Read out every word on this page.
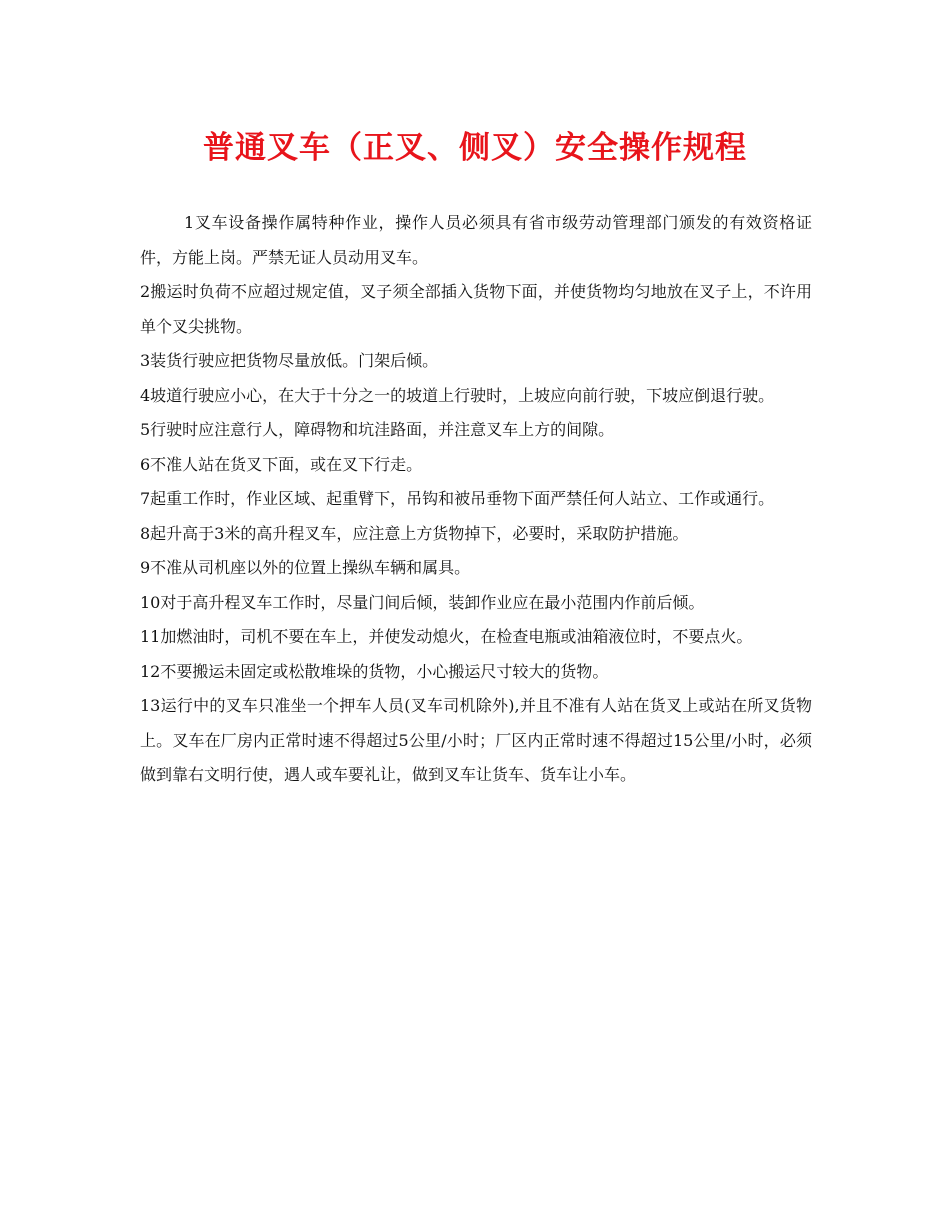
普通叉车（正叉、侧叉）安全操作规程

1叉车设备操作属特种作业，操作人员必须具有省市级劳动管理部门颁发的有效资格证件，方能上岗。严禁无证人员动用叉车。

2搬运时负荷不应超过规定值，叉子须全部插入货物下面，并使货物均匀地放在叉子上，不许用单个叉尖挑物。

3装货行驶应把货物尽量放低。门架后倾。

4坡道行驶应小心，在大于十分之一的坡道上行驶时，上坡应向前行驶，下坡应倒退行驶。

5行驶时应注意行人，障碍物和坑洼路面，并注意叉车上方的间隙。

6不准人站在货叉下面，或在叉下行走。

7起重工作时，作业区域、起重臂下，吊钩和被吊垂物下面严禁任何人站立、工作或通行。

8起升高于3米的高升程叉车，应注意上方货物掉下，必要时，采取防护措施。

9不准从司机座以外的位置上操纵车辆和属具。

10对于高升程叉车工作时，尽量门间后倾，装卸作业应在最小范围内作前后倾。

11加燃油时，司机不要在车上，并使发动熄火，在检查电瓶或油箱液位时，不要点火。

12不要搬运未固定或松散堆垛的货物，小心搬运尺寸较大的货物。

13运行中的叉车只准坐一个押车人员(叉车司机除外),并且不准有人站在货叉上或站在所叉货物上。叉车在厂房内正常时速不得超过5公里/小时；厂区内正常时速不得超过15公里/小时，必须做到靠右文明行使，遇人或车要礼让，做到叉车让货车、货车让小车。
